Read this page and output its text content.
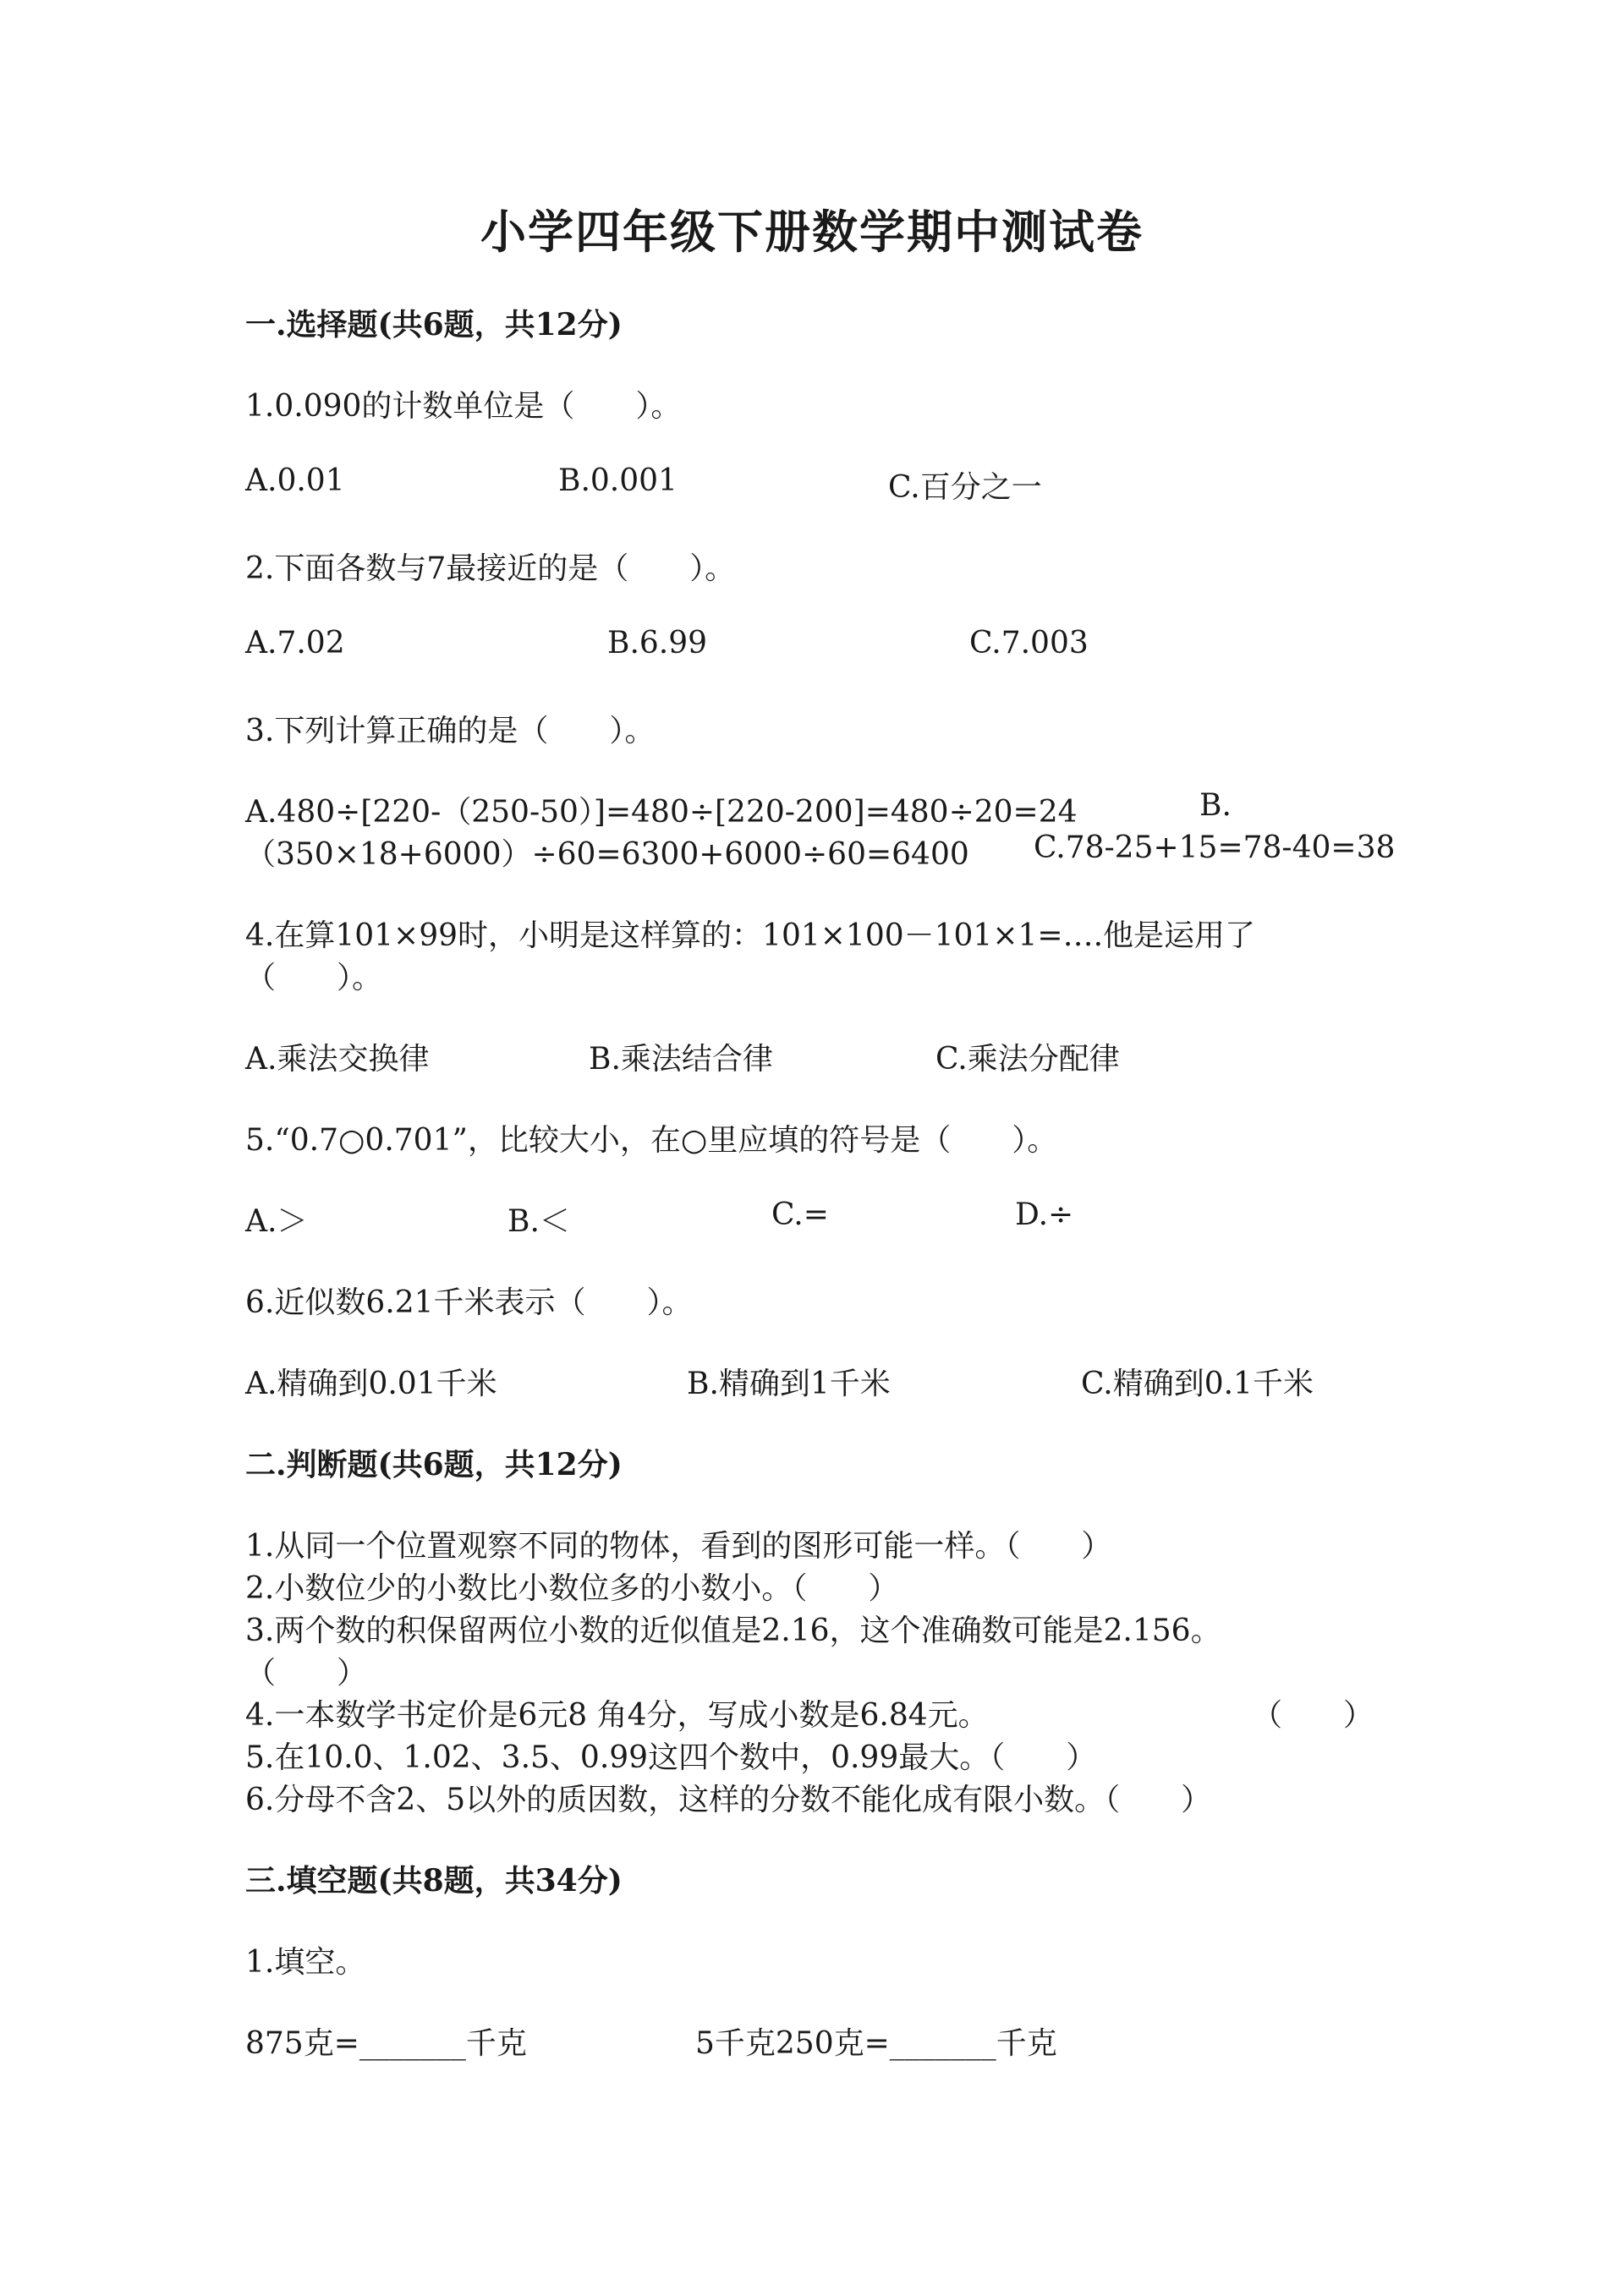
小学四年级下册数学期中测试卷
一.选择题(共6题，共12分)
1.0.090的计数单位是（　　）。
A.0.01	B.0.001	C.百分之一
2.下面各数与7最接近的是（　　）。
A.7.02	B.6.99	C.7.003
3.下列计算正确的是（　　）。
A.480÷[220-（250-50）]=480÷[220-200]=480÷20=24	B.
（350×18+6000）÷60=6300+6000÷60=6400 C.78-25+15=78-40=38
4.在算101×99时，小明是这样算的：101×100－101×1=….他是运用了
（　　）。
A.乘法交换律	B.乘法结合律	C.乘法分配律
5.“0.7○0.701”，比较大小，在○里应填的符号是（　　）。
A.＞	B.＜	C.=	D.÷
6.近似数6.21千米表示（　　）。
A.精确到0.01千米	B.精确到1千米	C.精确到0.1千米
二.判断题(共6题，共12分)
1.从同一个位置观察不同的物体，看到的图形可能一样。（　　）
2.小数位少的小数比小数位多的小数小。（　　）
3.两个数的积保留两位小数的近似值是2.16，这个准确数可能是2.156。
（　　）
4.一本数学书定价是6元8 角4分，写成小数是6.84元。	（　　）
5.在10.0、1.02、3.5、0.99这四个数中，0.99最大。（　　）
6.分母不含2、5以外的质因数，这样的分数不能化成有限小数。（　　）
三.填空题(共8题，共34分)
1.填空。
875克=_______千克	5千克250克=_______千克
